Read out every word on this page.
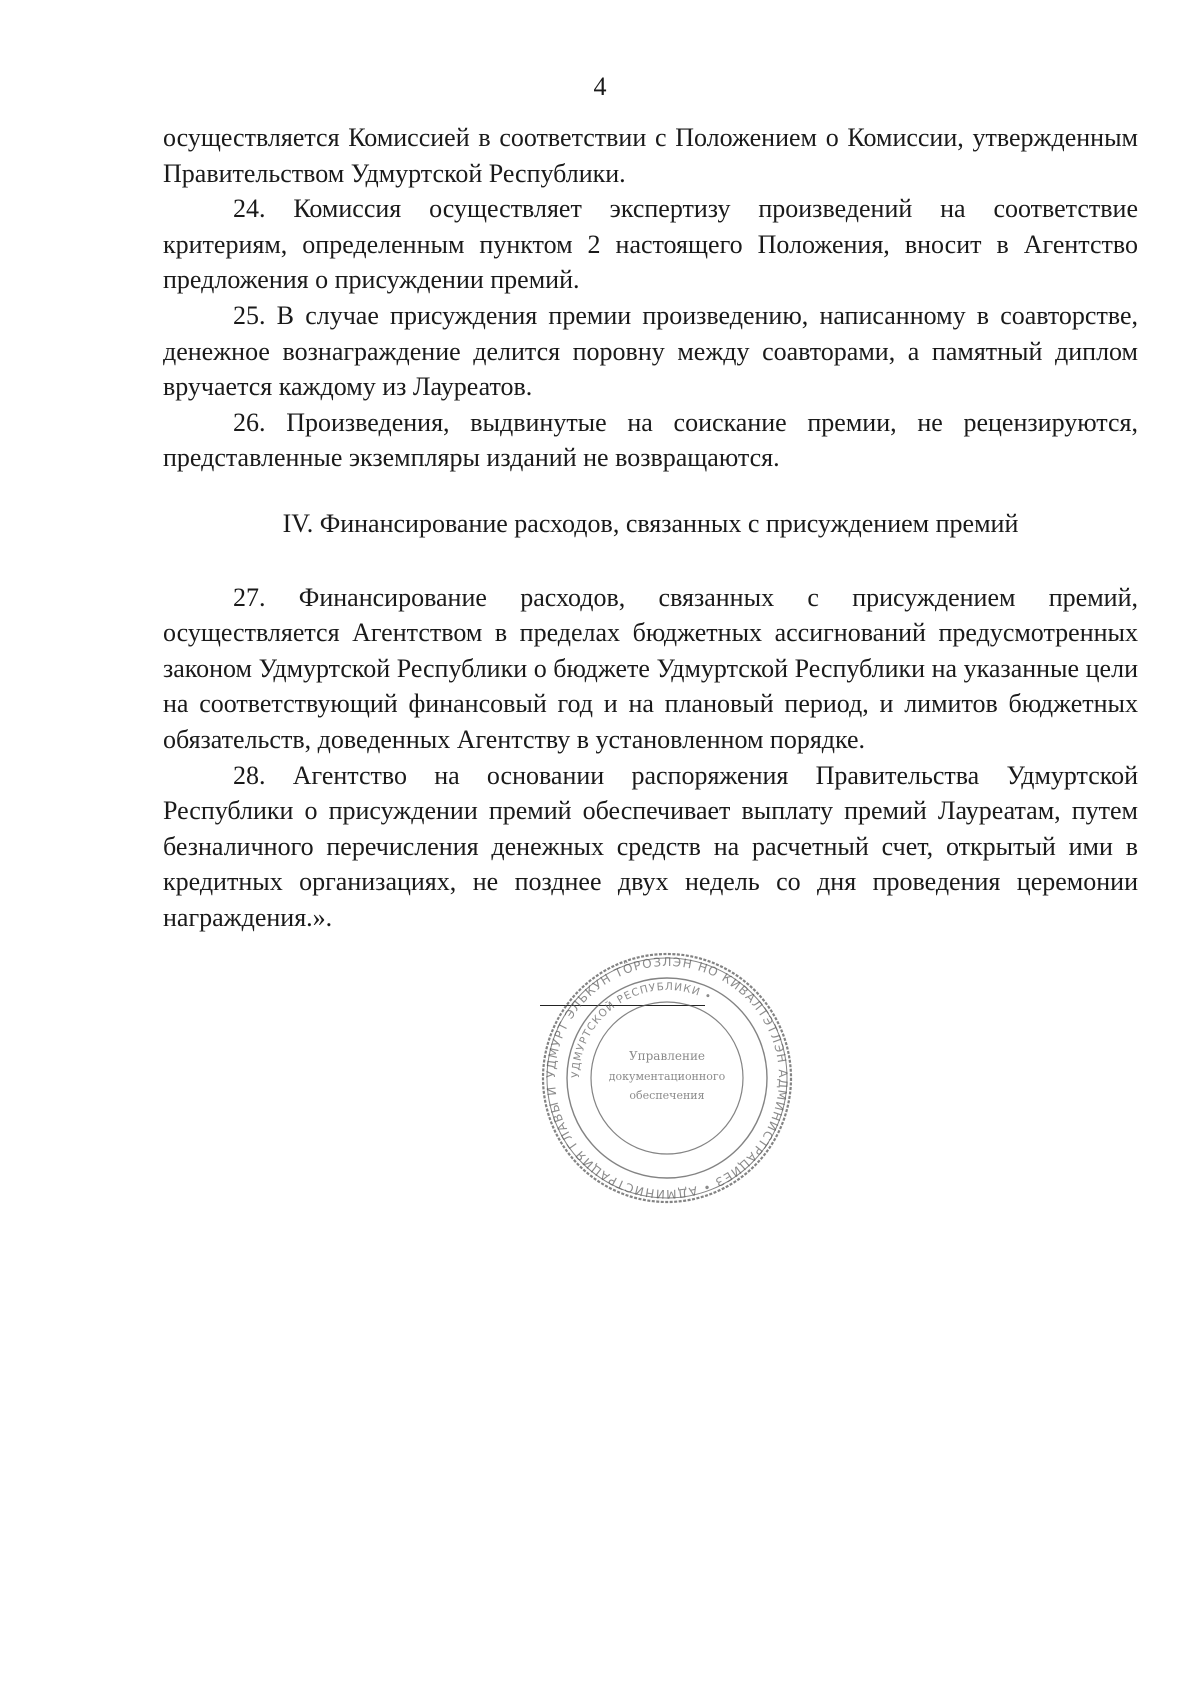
4

осуществляется Комиссией в соответствии с Положением о Комиссии, утвержденным Правительством Удмуртской Республики.

24. Комиссия осуществляет экспертизу произведений на соответствие критериям, определенным пунктом 2 настоящего Положения, вносит в Агентство предложения о присуждении премий.

25. В случае присуждения премии произведению, написанному в соавторстве, денежное вознаграждение делится поровну между соавторами, а памятный диплом вручается каждому из Лауреатов.

26. Произведения, выдвинутые на соискание премии, не рецензируются, представленные экземпляры изданий не возвращаются.

IV. Финансирование расходов, связанных с присуждением премий

27. Финансирование расходов, связанных с присуждением премий, осуществляется Агентством в пределах бюджетных ассигнований предусмотренных законом Удмуртской Республики о бюджете Удмуртской Республики на указанные цели на соответствующий финансовый год и на плановый период, и лимитов бюджетных обязательств, доведенных Агентству в установленном порядке.

28. Агентство на основании распоряжения Правительства Удмуртской Республики о присуждении премий обеспечивает выплату премий Лауреатам, путем безналичного перечисления денежных средств на расчетный счет, открытый ими в кредитных организациях, не позднее двух недель со дня проведения церемонии награждения.».

УДМУРТ ЭЛЬКУН ТӦРОЗЛЭН НО КИВАЛТЭТЛЭН АДМИНИСТРАЦИЕЗ • АДМИНИСТРАЦИЯ ГЛАВЫ И
УДМУРТСКОЙ РЕСПУБЛИКИ •
Управление
документационного
обеспечения
